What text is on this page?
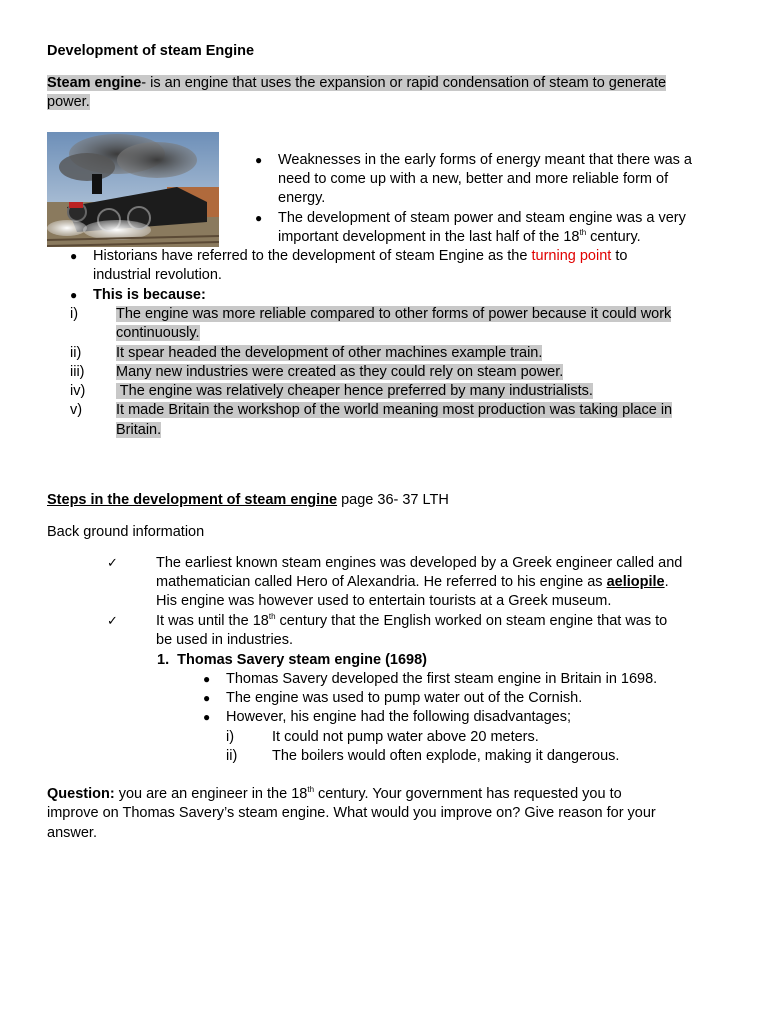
Development of steam Engine
Steam engine- is an engine that uses the expansion or rapid condensation of steam to generate
power.
● Weaknesses in the early forms of energy meant that there was a
need to come up with a new, better and more reliable form of
energy.
● The development of steam power and steam engine was a very
important development in the last half of the 18th century.
● Historians have referred to the development of steam Engine as the turning point to
industrial revolution.
● This is because:
i)	The engine was more reliable compared to other forms of power because it could work
continuously.
ii) It spear headed the development of other machines example train.
iii) Many new industries were created as they could rely on steam power.
iv) The engine was relatively cheaper hence preferred by many industrialists.
v) It made Britain the workshop of the world meaning most production was taking place in
Britain.
Steps in the development of steam engine page 36- 37 LTH
Back ground information
✓	The earliest known steam engines was developed by a Greek engineer called and
mathematician called Hero of Alexandria. He referred to his engine as aeliopile.
His engine was however used to entertain tourists at a Greek museum.
✓	It was until the 18th century that the English worked on steam engine that was to
be used in industries.
1.  Thomas Savery steam engine (1698)
● Thomas Savery developed the first steam engine in Britain in 1698.
● The engine was used to pump water out of the Cornish.
● However, his engine had the following disadvantages;
i)	It could not pump water above 20 meters.
ii) The boilers would often explode, making it dangerous.
Question: you are an engineer in the 18th century. Your government has requested you to
improve on Thomas Savery’s steam engine. What would you improve on? Give reason for your
answer.
